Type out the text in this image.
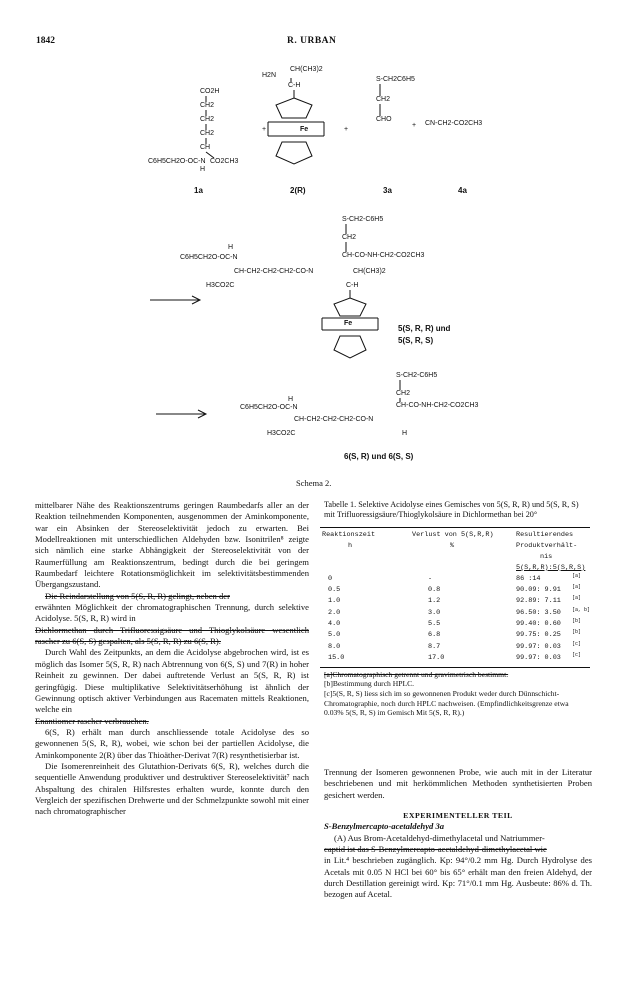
1842	R. URBAN
CO2H
CH2
CH2
CH2
CH
C6H5CH2O-OC-N CO2CH3
H
1a
H2N
CH(CH3)2
C-H
Fe
2(R)
+	+
+
S-CH2C6H5
CH2
CHO
3a
CN-CH2-CO2CH3
4a
S-CH2-C6H5
CH2
H
C6H5CH2O-OC-N	CH-CO-NH-CH2-CO2CH3
CH-CH2-CH2-CH2-CO-N	CH(CH3)2
H3CO2C	C-H
Fe
5(S, R, R) und
5(S, R, S)
S-CH2-C6H5
CH2
H
C6H5CH2O-OC-N	CH-CO-NH-CH2-CO2CH3
CH-CH2-CH2-CH2-CO-N
H3CO2C	H
6(S, R) und 6(S, S)
Schema 2.

mittelbarer Nähe des Reaktionszentrums geringen Raumbedarfs aller an der Reaktion teilnehmenden Komponenten, ausgenommen der Aminkomponente, war ein Absinken der Stereoselektivität jedoch zu erwarten. Bei Modellreaktionen mit unterschiedlichen Aldehyden bzw. Isonitrilen⁸ zeigte sich nämlich eine starke Abhängigkeit der Stereoselektivität von der Raumerfüllung am Reaktionszentrum, bedingt durch die bei geringem Raumbedarf leichtere Rotationsmöglichkeit im selektivitätsbestimmenden Übergangszustand.

Die Reindarstellung von 5(S, R, R) gelingt, neben der

erwähnten Möglichkeit der chromatographischen Trennung, durch selektive Acidolyse. 5(S, R, R) wird in

Dichlormethan durch Trifluoressigsäure und Thioglykolsäure wesentlich rascher zu 6(S, S) gespalten, als 5(S, R, R) zu 6(S, R).

Durch Wahl des Zeitpunkts, an dem die Acidolyse abgebrochen wird, ist es möglich das Isomer 5(S, R, R) nach Abtrennung von 6(S, S) und 7(R) in hoher Reinheit zu gewinnen. Der dabei auftretende Verlust an 5(S, R, R) ist geringfügig. Diese multiplikative Selektivitätserhöhung ist ähnlich der Gewinnung optisch aktiver Verbindungen aus Racematen mittels Reaktionen, welche ein

Enantiomer rascher verbrauchen.

6(S, R) erhält man durch anschliessende totale Acidolyse des so gewonnenen 5(S, R, R), wobei, wie schon bei der partiellen Acidolyse, die Aminkomponente 2(R) über das Thioäther-Derivat 7(R) resynthetisierbar ist.

Die Isomerenreinheit des Glutathion-Derivats 6(S, R), welches durch die sequentielle Anwendung produktiver und destruktiver Stereoselektivität⁷ nach Abspaltung des chiralen Hilfsrestes erhalten wurde, konnte durch den Vergleich der spezifischen Drehwerte und der Schmelzpunkte sowohl mit einer nach chromatographischer

Tabelle 1. Selektive Acidolyse eines Gemisches von 5(S, R, R) und 5(S, R, S) mit Trifluoressigsäure/Thioglykolsäure in Dichlormethan bei 20°
Reaktionszeit
h
Verlust von 5(S,R,R)
%
Resultierendes
Produktverhält-
nis
5(S,R,R):5(S,R,S)
0	-	86 :14	[a]
0.5	0.8	90.09: 9.91 [a]
1.0	1.2	92.89: 7.11 [a]
2.0	3.0	96.50: 3.50 [a, b]
4.0	5.5	99.40: 0.60 [b]
5.0	6.8	99.75: 0.25 [b]
8.0	8.7	99.97: 0.03 [c]
15.0	17.0	99.97: 0.03 [c]
[a]Chromatographisch getrennt und gravimetrisch bestimmt.
[b]Bestimmung durch HPLC.
[c]5(S, R, S) liess sich im so gewonnenen Produkt weder durch Dünnschicht-Chromatographie, noch durch HPLC nachweisen. (Empfindlichkeitsgrenze etwa 0.03% 5(S, R, S) im Gemisch Mit 5(S, R, R).)

Trennung der Isomeren gewonnenen Probe, wie auch mit in der Literatur beschriebenen und mit herkömmlichen Methoden synthetisierten Proben gesichert werden.

EXPERIMENTELLER TEIL

S-Benzylmercapto-acetaldehyd 3a

(A) Aus Brom-Acetaldehyd-dimethylacetal und Natriummer-

captid ist das S-Benzylmercapto-acetaldehyd-dimethylacetal wie

in Lit.⁴ beschrieben zugänglich. Kp: 94°/0.2 mm Hg. Durch Hydrolyse des Acetals mit 0.05 N HCl bei 60° bis 65° erhält man den freien Aldehyd, der durch Destillation gereinigt wird. Kp: 71°/0.1 mm Hg. Ausbeute: 86% d. Th. bezogen auf Acetal.
